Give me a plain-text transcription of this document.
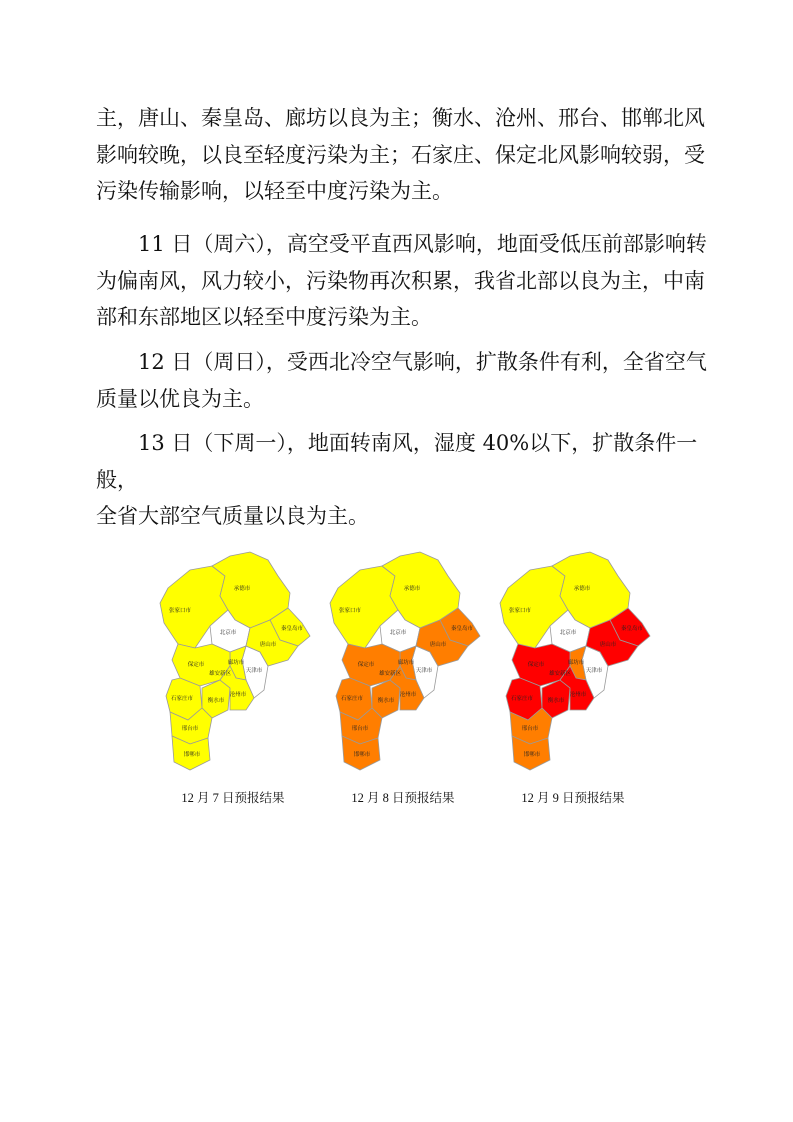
主，唐山、秦皇岛、廊坊以良为主；衡水、沧州、邢台、邯郸北风
影响较晚，以良至轻度污染为主；石家庄、保定北风影响较弱，受
污染传输影响，以轻至中度污染为主。
11 日（周六），高空受平直西风影响，地面受低压前部影响转
为偏南风，风力较小，污染物再次积累，我省北部以良为主，中南
部和东部地区以轻至中度污染为主。
12 日（周日），受西北冷空气影响，扩散条件有利，全省空气
质量以优良为主。
13 日（下周一），地面转南风，湿度 40%以下，扩散条件一般，
全省大部空气质量以良为主。
张家口市
承德市
秦皇岛市
北京市
天津市
唐山市
廊坊市
保定市
石家庄市	衡水市
沧州市
邢台市
邯郸市
雄安新区
张家口市
承德市
秦皇岛市
北京市
天津市
唐山市
廊坊市
保定市
石家庄市	衡水市
沧州市
邢台市
邯郸市
雄安新区
张家口市
承德市
秦皇岛市
北京市
天津市
唐山市
廊坊市
保定市
石家庄市	衡水市
沧州市
邢台市
邯郸市
雄安新区
12 月 7 日预报结果	12 月 8 日预报结果	12 月 9 日预报结果
